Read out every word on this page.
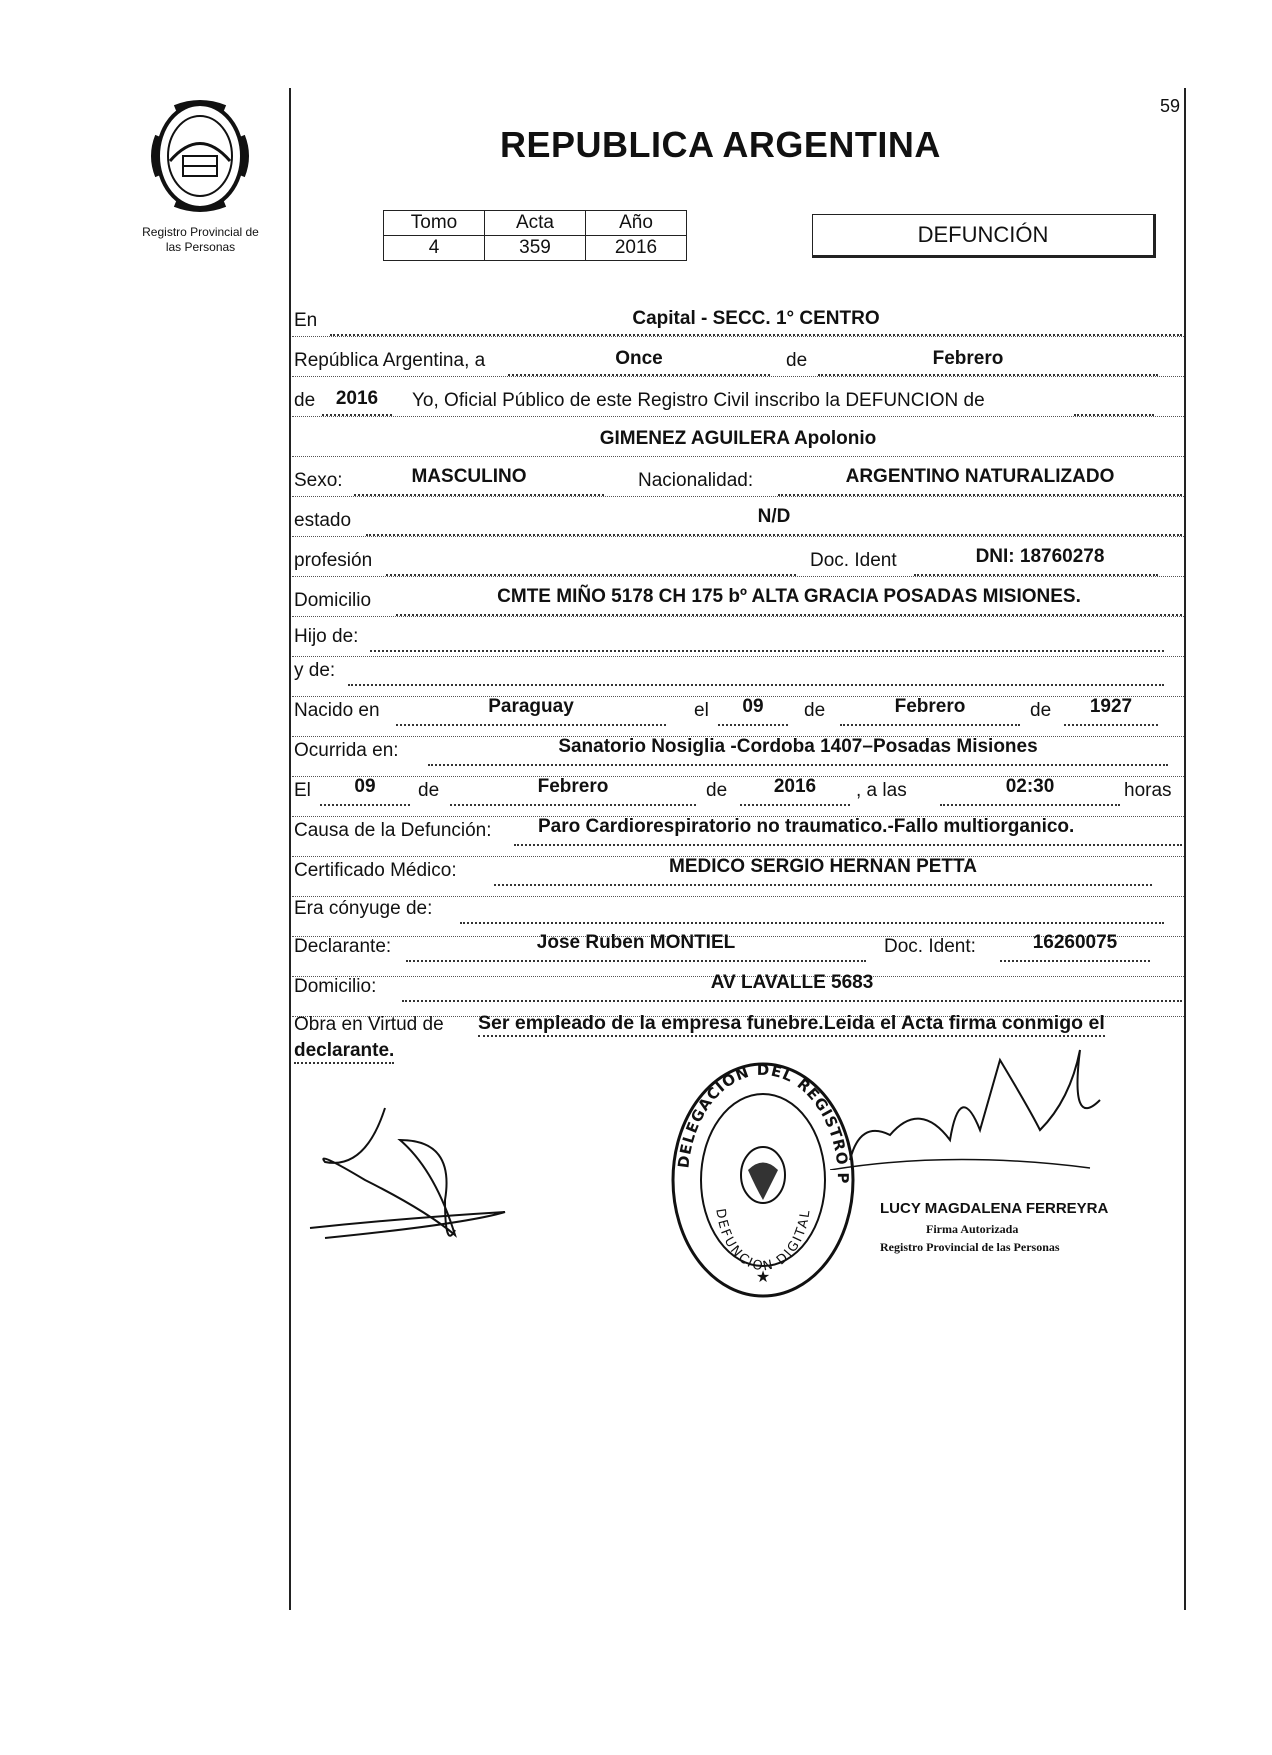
59
Registro Provincial de
las Personas
REPUBLICA ARGENTINA
Tomo	Acta	Año
4	359	2016
DEFUNCIÓN
En	Capital - SECC. 1° CENTRO
República Argentina, a	Once	de	Febrero
de	2016	Yo, Oficial Público de este Registro Civil inscribo la DEFUNCION de
GIMENEZ AGUILERA Apolonio
Sexo:	MASCULINO	Nacionalidad:	ARGENTINO NATURALIZADO
estado	N/D
profesión	Doc. Ident	DNI: 18760278
Domicilio	CMTE MIÑO 5178 CH 175 bº ALTA GRACIA POSADAS MISIONES.
Hijo de:
y de:
Nacido en	Paraguay	el	09	de	Febrero	de	1927
Ocurrida en:	Sanatorio Nosiglia -Cordoba 1407–Posadas Misiones
El	09	de	Febrero	de	2016	, a las	02:30	horas
Causa de la Defunción:	Paro Cardiorespiratorio no traumatico.-Fallo multiorganico.
Certificado Médico:	MEDICO SERGIO HERNAN PETTA
Era cónyuge de:
Declarante:	Jose Ruben MONTIEL	Doc. Ident:	16260075
Domicilio:	AV LAVALLE 5683
Obra en Virtud de Ser empleado de la empresa funebre.Leida el Acta firma conmigo el
declarante.
DELEGACION DEL REGISTRO P
DEFUNCION DIGITAL
★
LUCY MAGDALENA FERREYRA
Firma Autorizada
Registro Provincial de las Personas
